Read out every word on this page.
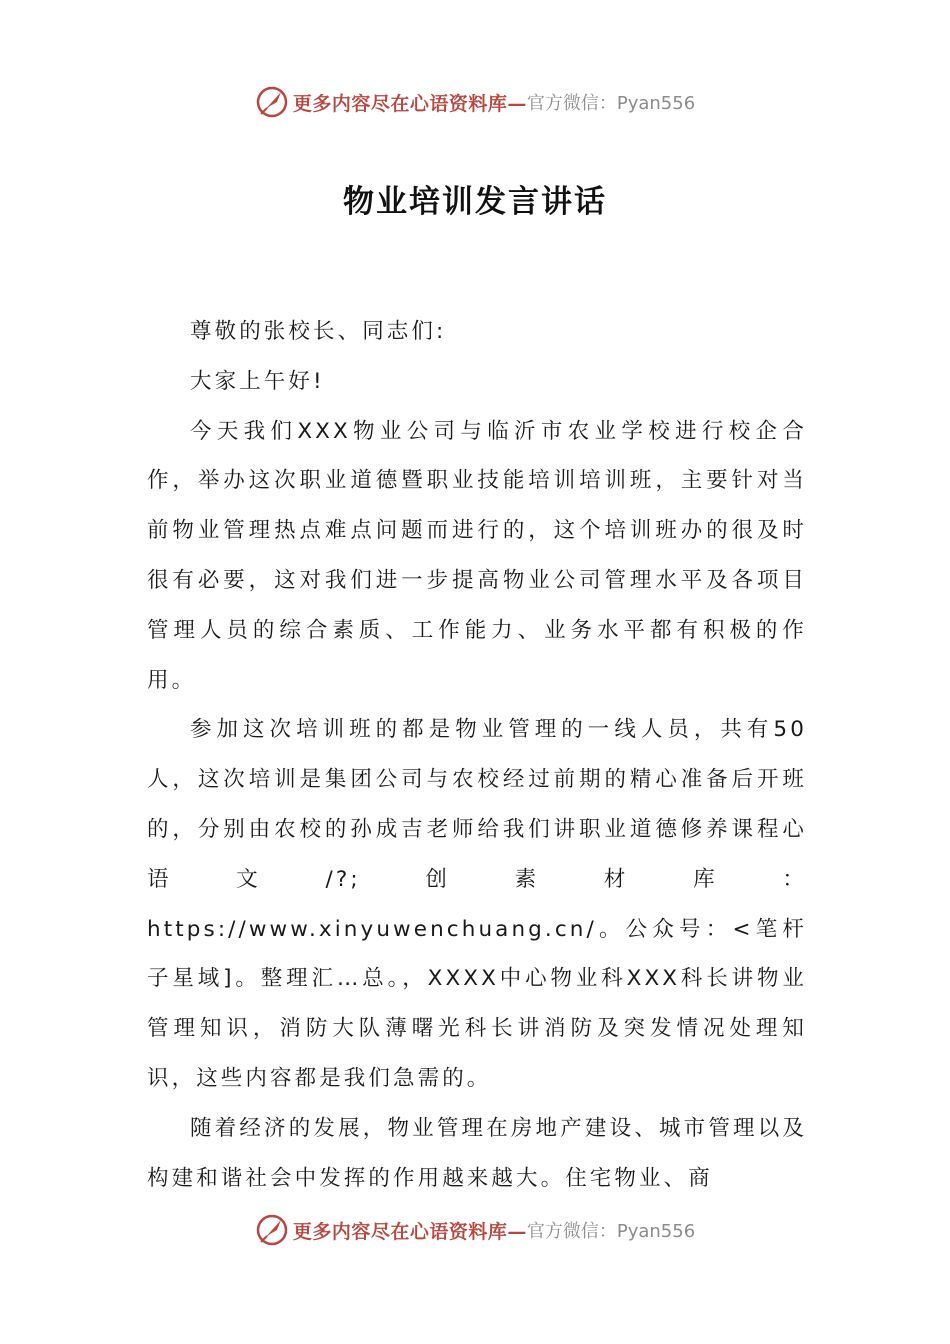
更多内容尽在心语资料库— 官方微信：Pyan556
物业培训发言讲话

尊敬的张校长、同志们:

大家上午好!

今天我们XXX物业公司与临沂市农业学校进行校企合作，举办这次职业道德暨职业技能培训培训班，主要针对当前物业管理热点难点问题而进行的，这个培训班办的很及时很有必要，这对我们进一步提高物业公司管理水平及各项目管理人员的综合素质、工作能力、业务水平都有积极的作用。

参加这次培训班的都是物业管理的一线人员，共有50人，这次培训是集团公司与农校经过前期的精心准备后开班的，分别由农校的孙成吉老师给我们讲职业道德修养课程心语文/?;创素材库：https://www.xinyuwenchuang.cn/。公众号：<笔杆子星域]。整理汇…总。，XXXX中心物业科XXX科长讲物业管理知识，消防大队薄曙光科长讲消防及突发情况处理知识，这些内容都是我们急需的。

随着经济的发展，物业管理在房地产建设、城市管理以及构建和谐社会中发挥的作用越来越大。住宅物业、商

更多内容尽在心语资料库— 官方微信：Pyan556
